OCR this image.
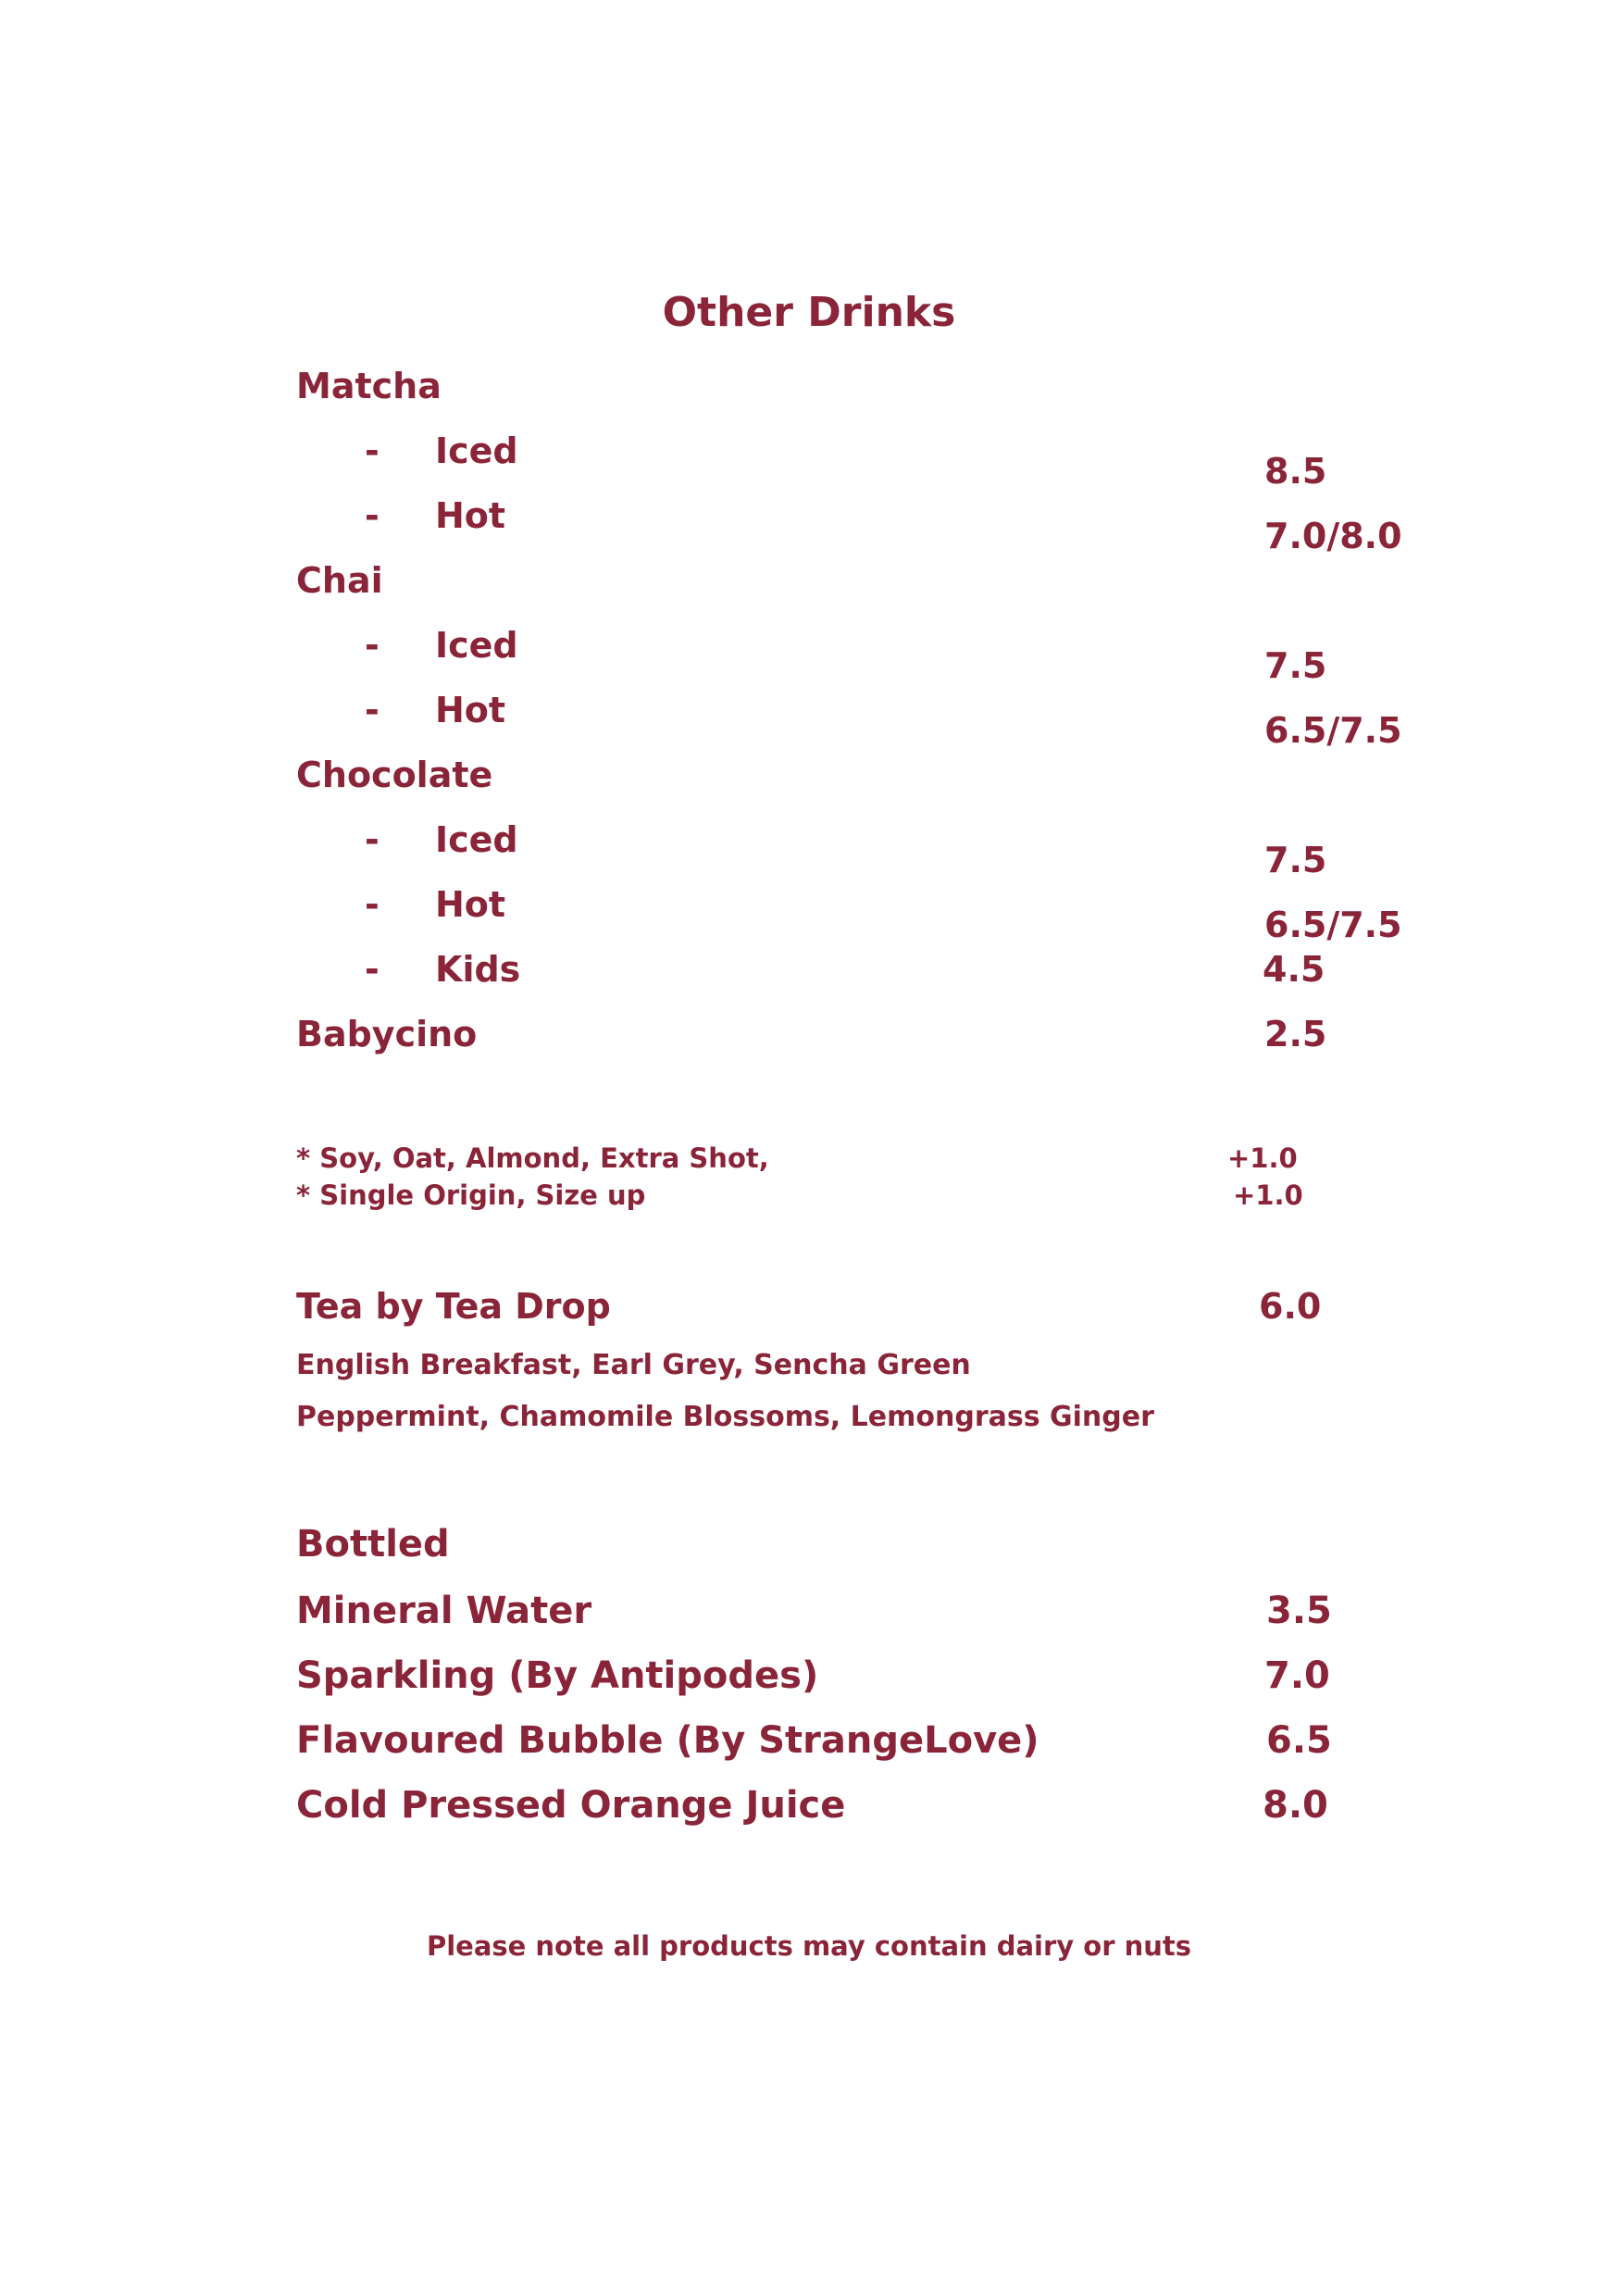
Other Drinks
Matcha
- Iced	8.5
- Hot	7.0/8.0
Chai
- Iced	7.5
- Hot	6.5/7.5
Chocolate
- Iced	7.5
- Hot	6.5/7.5
- Kids	4.5
Babycino	2.5
* Soy, Oat, Almond, Extra Shot,	+1.0
* Single Origin, Size up	+1.0
Tea by Tea Drop	6.0
English Breakfast, Earl Grey, Sencha Green
Peppermint, Chamomile Blossoms, Lemongrass Ginger
Bottled
Mineral Water	3.5
Sparkling (By Antipodes)	7.0
Flavoured Bubble (By StrangeLove)	6.5
Cold Pressed Orange Juice	8.0
Please note all products may contain dairy or nuts
